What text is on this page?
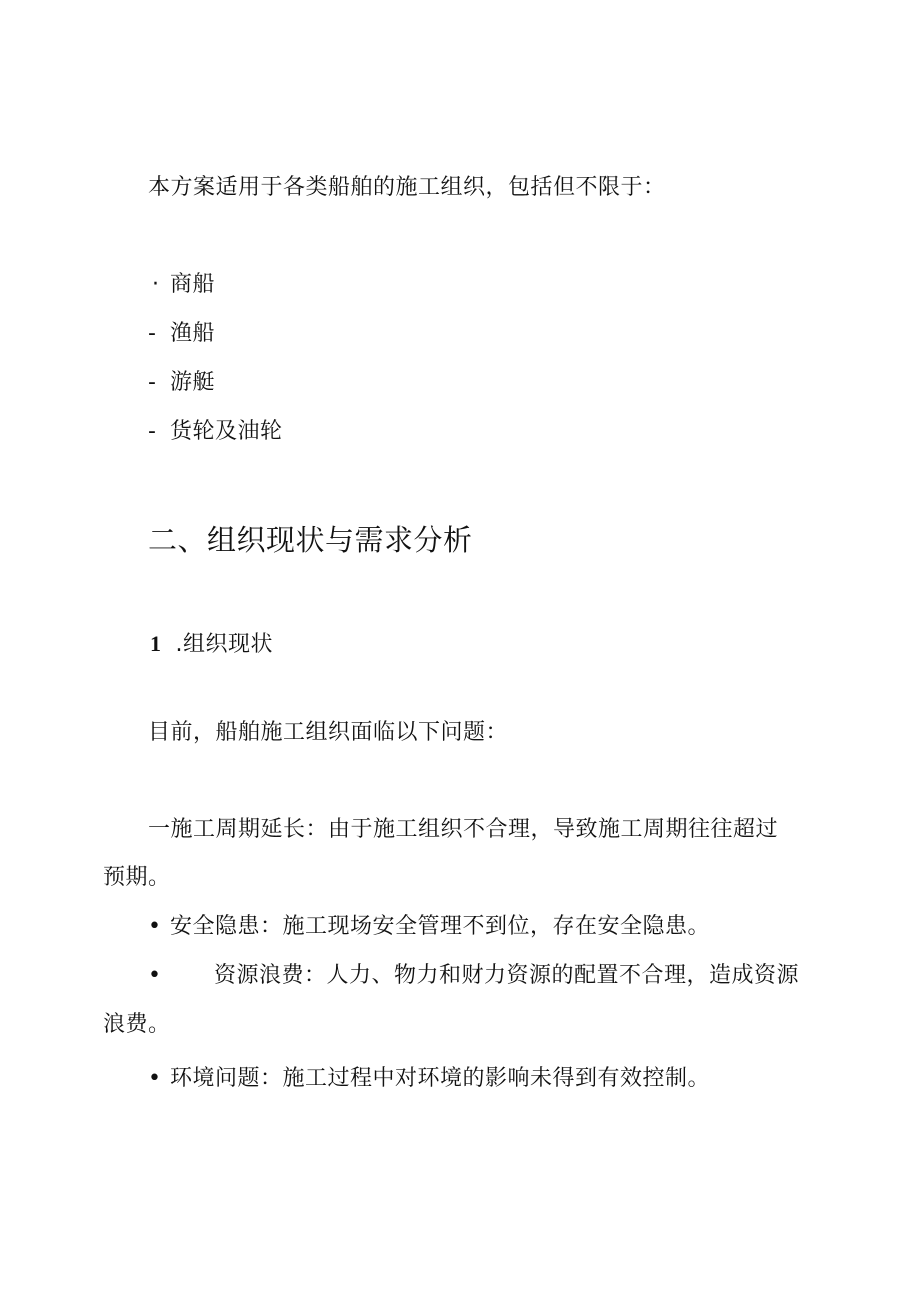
本方案适用于各类船舶的施工组织，包括但不限于：
· 商船
- 渔船
- 游艇
- 货轮及油轮
二、组织现状与需求分析
1 .组织现状
目前，船舶施工组织面临以下问题：
一施工周期延长：由于施工组织不合理，导致施工周期往往超过
预期。
• 安全隐患：施工现场安全管理不到位，存在安全隐患。
• 资源浪费：人力、物力和财力资源的配置不合理，造成资源
浪费。
• 环境问题：施工过程中对环境的影响未得到有效控制。
